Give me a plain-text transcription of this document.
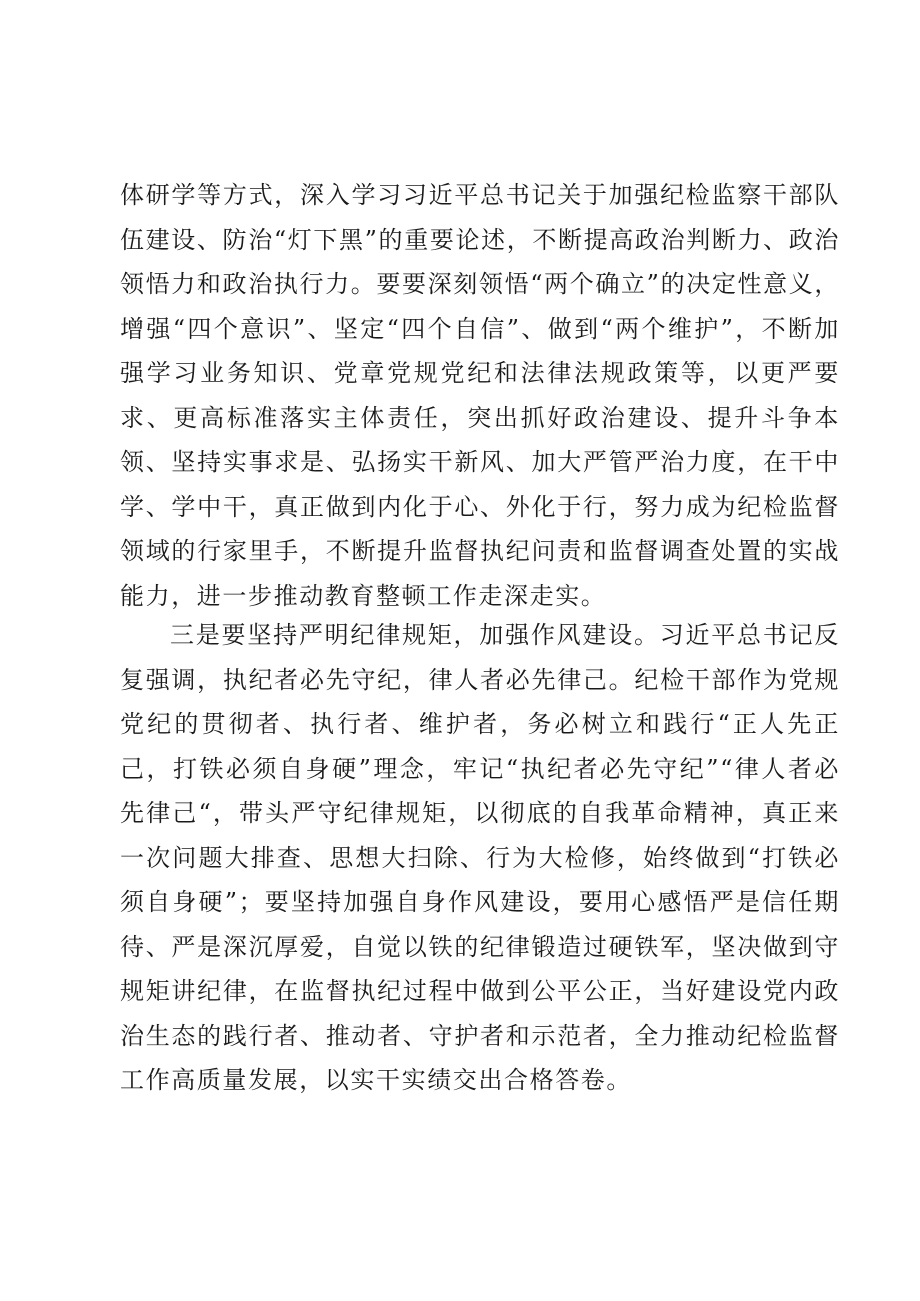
体研学等方式，深入学习习近平总书记关于加强纪检监察干部队伍建设、防治“灯下黑”的重要论述，不断提高政治判断力、政治领悟力和政治执行力。要要深刻领悟“两个确立”的决定性意义，增强“四个意识”、坚定“四个自信”、做到“两个维护”，不断加强学习业务知识、党章党规党纪和法律法规政策等，以更严要求、更高标准落实主体责任，突出抓好政治建设、提升斗争本领、坚持实事求是、弘扬实干新风、加大严管严治力度，在干中学、学中干，真正做到内化于心、外化于行，努力成为纪检监督领域的行家里手，不断提升监督执纪问责和监督调查处置的实战能力，进一步推动教育整顿工作走深走实。

三是要坚持严明纪律规矩，加强作风建设。习近平总书记反复强调，执纪者必先守纪，律人者必先律己。纪检干部作为党规党纪的贯彻者、执行者、维护者，务必树立和践行“正人先正己，打铁必须自身硬”理念，牢记“执纪者必先守纪”“律人者必先律己“，带头严守纪律规矩，以彻底的自我革命精神，真正来一次问题大排查、思想大扫除、行为大检修，始终做到“打铁必须自身硬”；要坚持加强自身作风建设，要用心感悟严是信任期待、严是深沉厚爱，自觉以铁的纪律锻造过硬铁军，坚决做到守规矩讲纪律，在监督执纪过程中做到公平公正，当好建设党内政治生态的践行者、推动者、守护者和示范者，全力推动纪检监督工作高质量发展，以实干实绩交出合格答卷。
